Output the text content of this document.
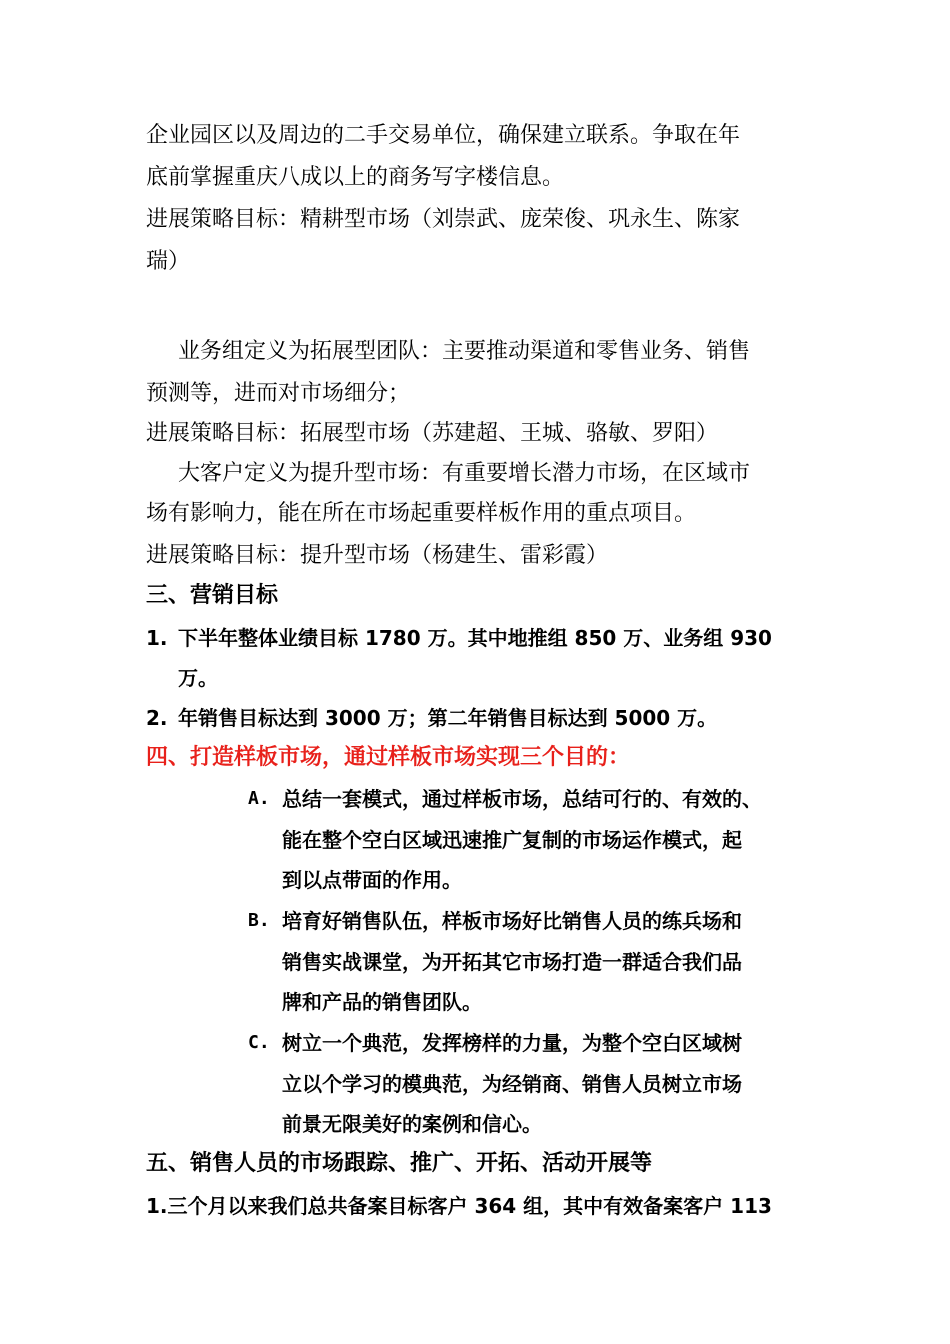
企业园区以及周边的二手交易单位，确保建立联系。争取在年
底前掌握重庆八成以上的商务写字楼信息。
进展策略目标：精耕型市场（刘崇武、庞荣俊、巩永生、陈家
瑞）
业务组定义为拓展型团队：主要推动渠道和零售业务、销售
预测等，进而对市场细分；
进展策略目标：拓展型市场（苏建超、王城、骆敏、罗阳）
大客户定义为提升型市场：有重要增长潜力市场，在区域市
场有影响力，能在所在市场起重要样板作用的重点项目。
进展策略目标：提升型市场（杨建生、雷彩霞）
三、营销目标
1. 下半年整体业绩目标 1780 万。其中地推组 850 万、业务组 930
万。
2. 年销售目标达到 3000 万；第二年销售目标达到 5000 万。
四、打造样板市场，通过样板市场实现三个目的：
A. 总结一套模式，通过样板市场，总结可行的、有效的、
能在整个空白区域迅速推广复制的市场运作模式，起
到以点带面的作用。
B. 培育好销售队伍，样板市场好比销售人员的练兵场和
销售实战课堂，为开拓其它市场打造一群适合我们品
牌和产品的销售团队。
C. 树立一个典范，发挥榜样的力量，为整个空白区域树
立以个学习的模典范，为经销商、销售人员树立市场
前景无限美好的案例和信心。
五、销售人员的市场跟踪、推广、开拓、活动开展等
1.三个月以来我们总共备案目标客户 364 组，其中有效备案客户 113
